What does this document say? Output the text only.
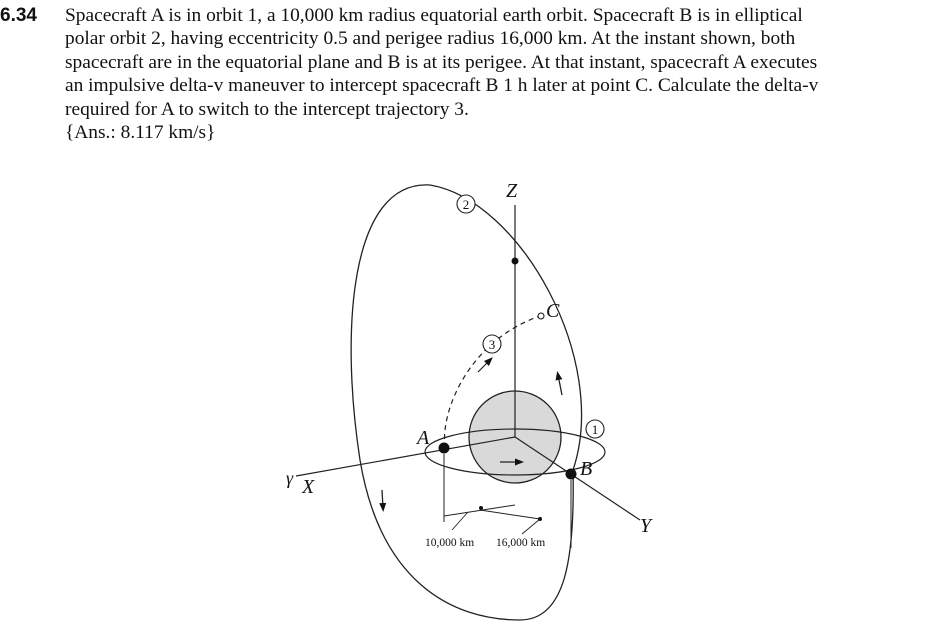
6.34 Spacecraft A is in orbit 1, a 10,000 km radius equatorial earth orbit. Spacecraft B is in elliptical
polar orbit 2, having eccentricity 0.5 and perigee radius 16,000 km. At the instant shown, both
spacecraft are in the equatorial plane and B is at its perigee. At that instant, spacecraft A executes
an impulsive delta-v maneuver to intercept spacecraft B 1 h later at point C. Calculate the delta-v
required for A to switch to the intercept trajectory 3.
{Ans.: 8.117 km/s}
2
3
1
Z
X
γ
Y
A
B
C
10,000 km 16,000 km
